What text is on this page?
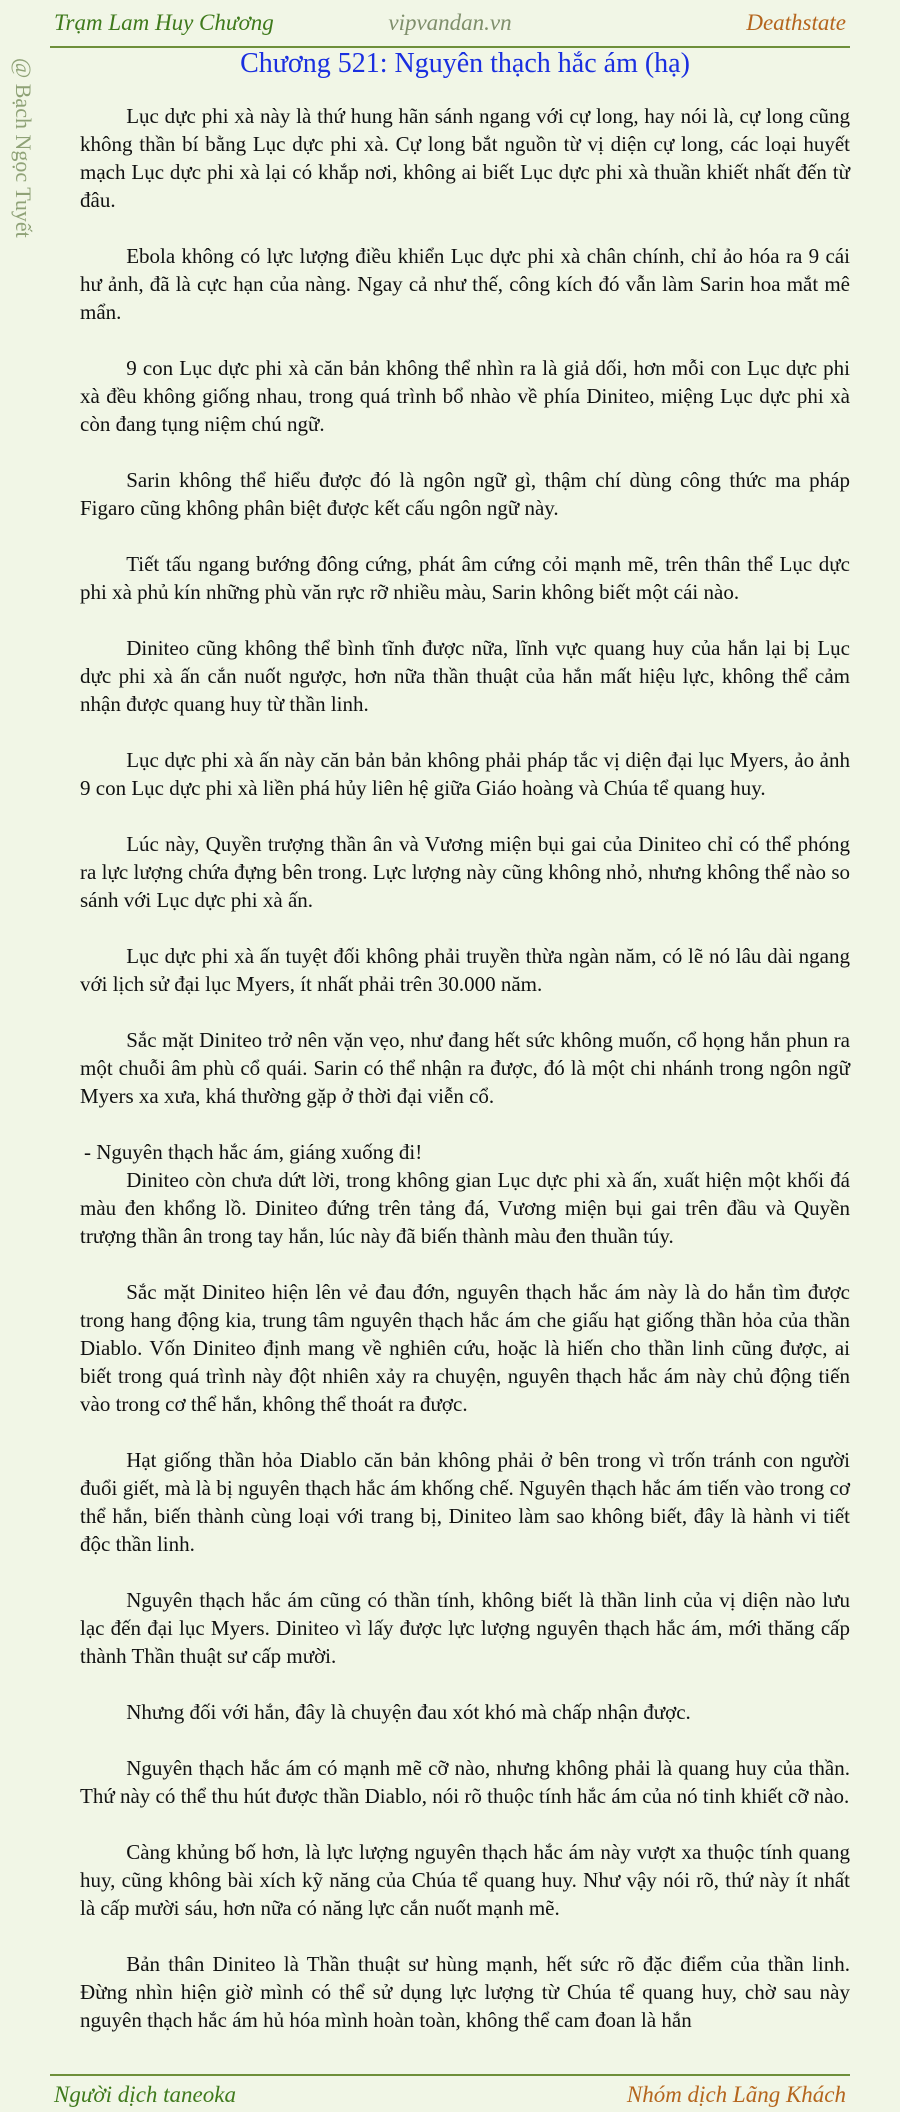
Trạm Lam Huy Chương	vipvandan.vn	Deathstate
@ Bạch Ngọc Tuyết	Chương 521: Nguyên thạch hắc ám (hạ)

Lục dực phi xà này là thứ hung hãn sánh ngang với cự long, hay nói là, cự long cũng không thần bí bằng Lục dực phi xà. Cự long bắt nguồn từ vị diện cự long, các loại huyết mạch Lục dực phi xà lại có khắp nơi, không ai biết Lục dực phi xà thuần khiết nhất đến từ đâu.

Ebola không có lực lượng điều khiển Lục dực phi xà chân chính, chỉ ảo hóa ra 9 cái hư ảnh, đã là cực hạn của nàng. Ngay cả như thế, công kích đó vẫn làm Sarin hoa mắt mê mẩn.

9 con Lục dực phi xà căn bản không thể nhìn ra là giả dối, hơn mỗi con Lục dực phi xà đều không giống nhau, trong quá trình bổ nhào về phía Diniteo, miệng Lục dực phi xà còn đang tụng niệm chú ngữ.

Sarin không thể hiểu được đó là ngôn ngữ gì, thậm chí dùng công thức ma pháp Figaro cũng không phân biệt được kết cấu ngôn ngữ này.

Tiết tấu ngang bướng đông cứng, phát âm cứng cỏi mạnh mẽ, trên thân thể Lục dực phi xà phủ kín những phù văn rực rỡ nhiều màu, Sarin không biết một cái nào.

Diniteo cũng không thể bình tĩnh được nữa, lĩnh vực quang huy của hắn lại bị Lục dực phi xà ấn cắn nuốt ngược, hơn nữa thần thuật của hắn mất hiệu lực, không thể cảm nhận được quang huy từ thần linh.

Lục dực phi xà ấn này căn bản bản không phải pháp tắc vị diện đại lục Myers, ảo ảnh 9 con Lục dực phi xà liền phá hủy liên hệ giữa Giáo hoàng và Chúa tể quang huy.

Lúc này, Quyền trượng thần ân và Vương miện bụi gai của Diniteo chỉ có thể phóng ra lực lượng chứa đựng bên trong. Lực lượng này cũng không nhỏ, nhưng không thể nào so sánh với Lục dực phi xà ấn.

Lục dực phi xà ấn tuyệt đối không phải truyền thừa ngàn năm, có lẽ nó lâu dài ngang với lịch sử đại lục Myers, ít nhất phải trên 30.000 năm.

Sắc mặt Diniteo trở nên vặn vẹo, như đang hết sức không muốn, cổ họng hắn phun ra một chuỗi âm phù cổ quái. Sarin có thể nhận ra được, đó là một chi nhánh trong ngôn ngữ Myers xa xưa, khá thường gặp ở thời đại viễn cổ.

- Nguyên thạch hắc ám, giáng xuống đi!

Diniteo còn chưa dứt lời, trong không gian Lục dực phi xà ấn, xuất hiện một khối đá màu đen khổng lồ. Diniteo đứng trên tảng đá, Vương miện bụi gai trên đầu và Quyền trượng thần ân trong tay hắn, lúc này đã biến thành màu đen thuần túy.

Sắc mặt Diniteo hiện lên vẻ đau đớn, nguyên thạch hắc ám này là do hắn tìm được trong hang động kia, trung tâm nguyên thạch hắc ám che giấu hạt giống thần hỏa của thần Diablo. Vốn Diniteo định mang về nghiên cứu, hoặc là hiến cho thần linh cũng được, ai biết trong quá trình này đột nhiên xảy ra chuyện, nguyên thạch hắc ám này chủ động tiến vào trong cơ thể hắn, không thể thoát ra được.

Hạt giống thần hỏa Diablo căn bản không phải ở bên trong vì trốn tránh con người đuổi giết, mà là bị nguyên thạch hắc ám khống chế. Nguyên thạch hắc ám tiến vào trong cơ thể hắn, biến thành cùng loại với trang bị, Diniteo làm sao không biết, đây là hành vi tiết độc thần linh.

Nguyên thạch hắc ám cũng có thần tính, không biết là thần linh của vị diện nào lưu lạc đến đại lục Myers. Diniteo vì lấy được lực lượng nguyên thạch hắc ám, mới thăng cấp thành Thần thuật sư cấp mười.

Nhưng đối với hắn, đây là chuyện đau xót khó mà chấp nhận được.

Nguyên thạch hắc ám có mạnh mẽ cỡ nào, nhưng không phải là quang huy của thần. Thứ này có thể thu hút được thần Diablo, nói rõ thuộc tính hắc ám của nó tinh khiết cỡ nào.

Càng khủng bố hơn, là lực lượng nguyên thạch hắc ám này vượt xa thuộc tính quang huy, cũng không bài xích kỹ năng của Chúa tể quang huy. Như vậy nói rõ, thứ này ít nhất là cấp mười sáu, hơn nữa có năng lực cắn nuốt mạnh mẽ.

Bản thân Diniteo là Thần thuật sư hùng mạnh, hết sức rõ đặc điểm của thần linh. Đừng nhìn hiện giờ mình có thể sử dụng lực lượng từ Chúa tể quang huy, chờ sau này nguyên thạch hắc ám hủ hóa mình hoàn toàn, không thể cam đoan là hắn

Người dịch taneoka	Nhóm dịch Lãng Khách
